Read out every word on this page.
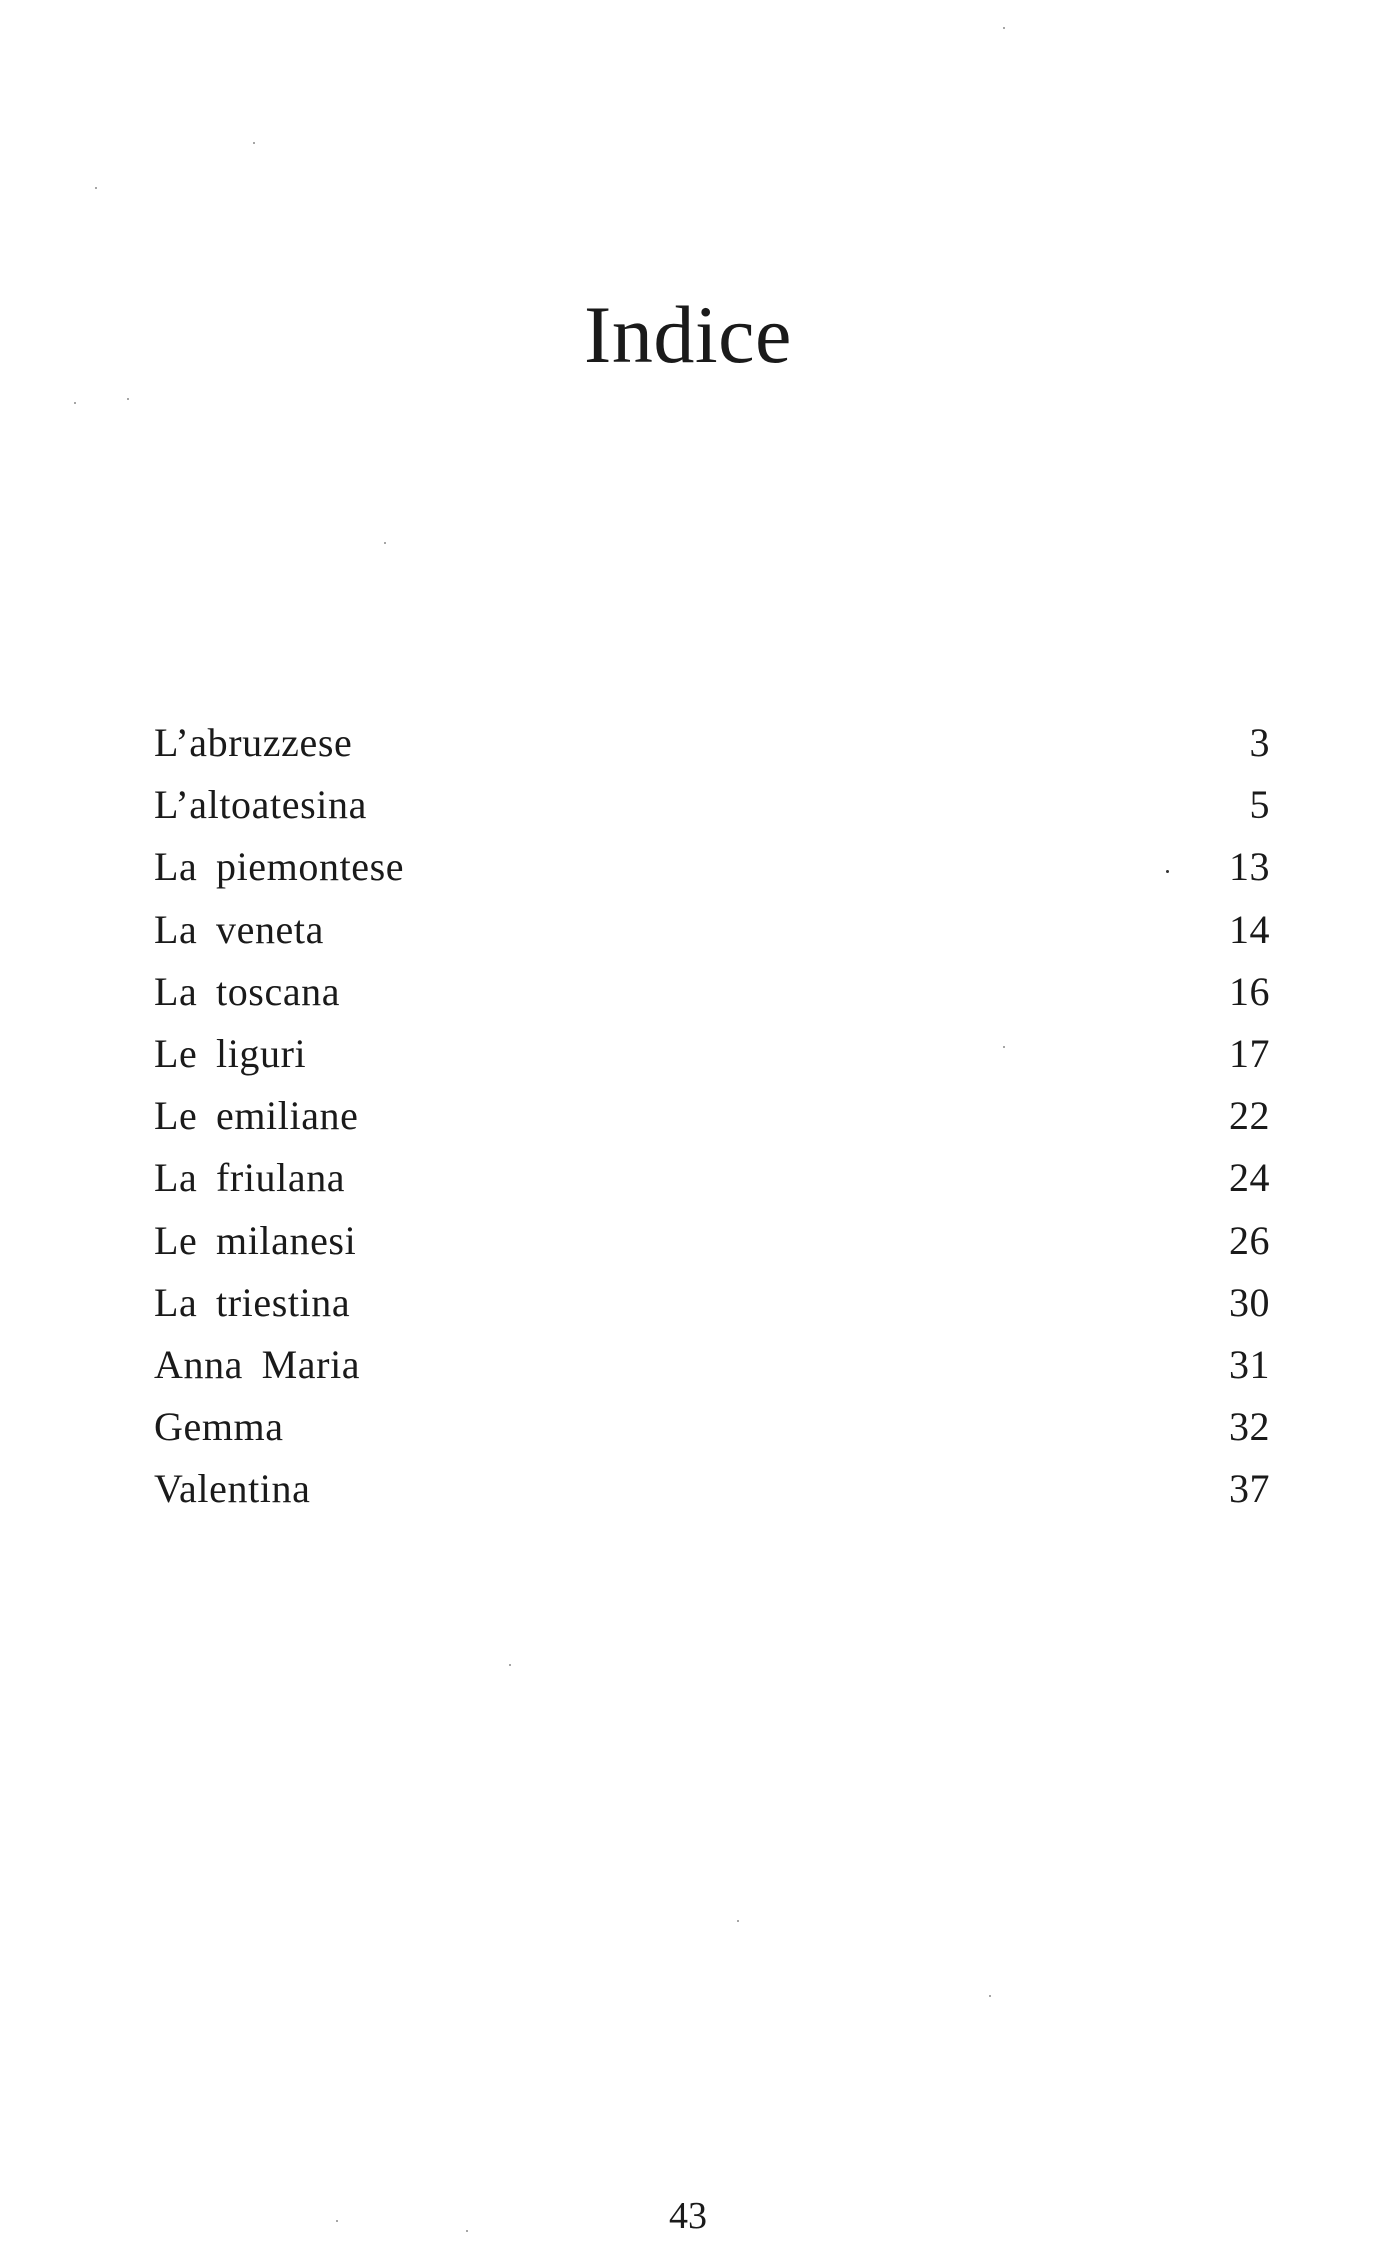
Indice
L’abruzzese	3
L’altoatesina	5
La piemontese	13
La veneta	14
La toscana	16
Le liguri	17
Le emiliane	22
La friulana	24
Le milanesi	26
La triestina	30
Anna Maria	31
Gemma	32
Valentina	37
43
